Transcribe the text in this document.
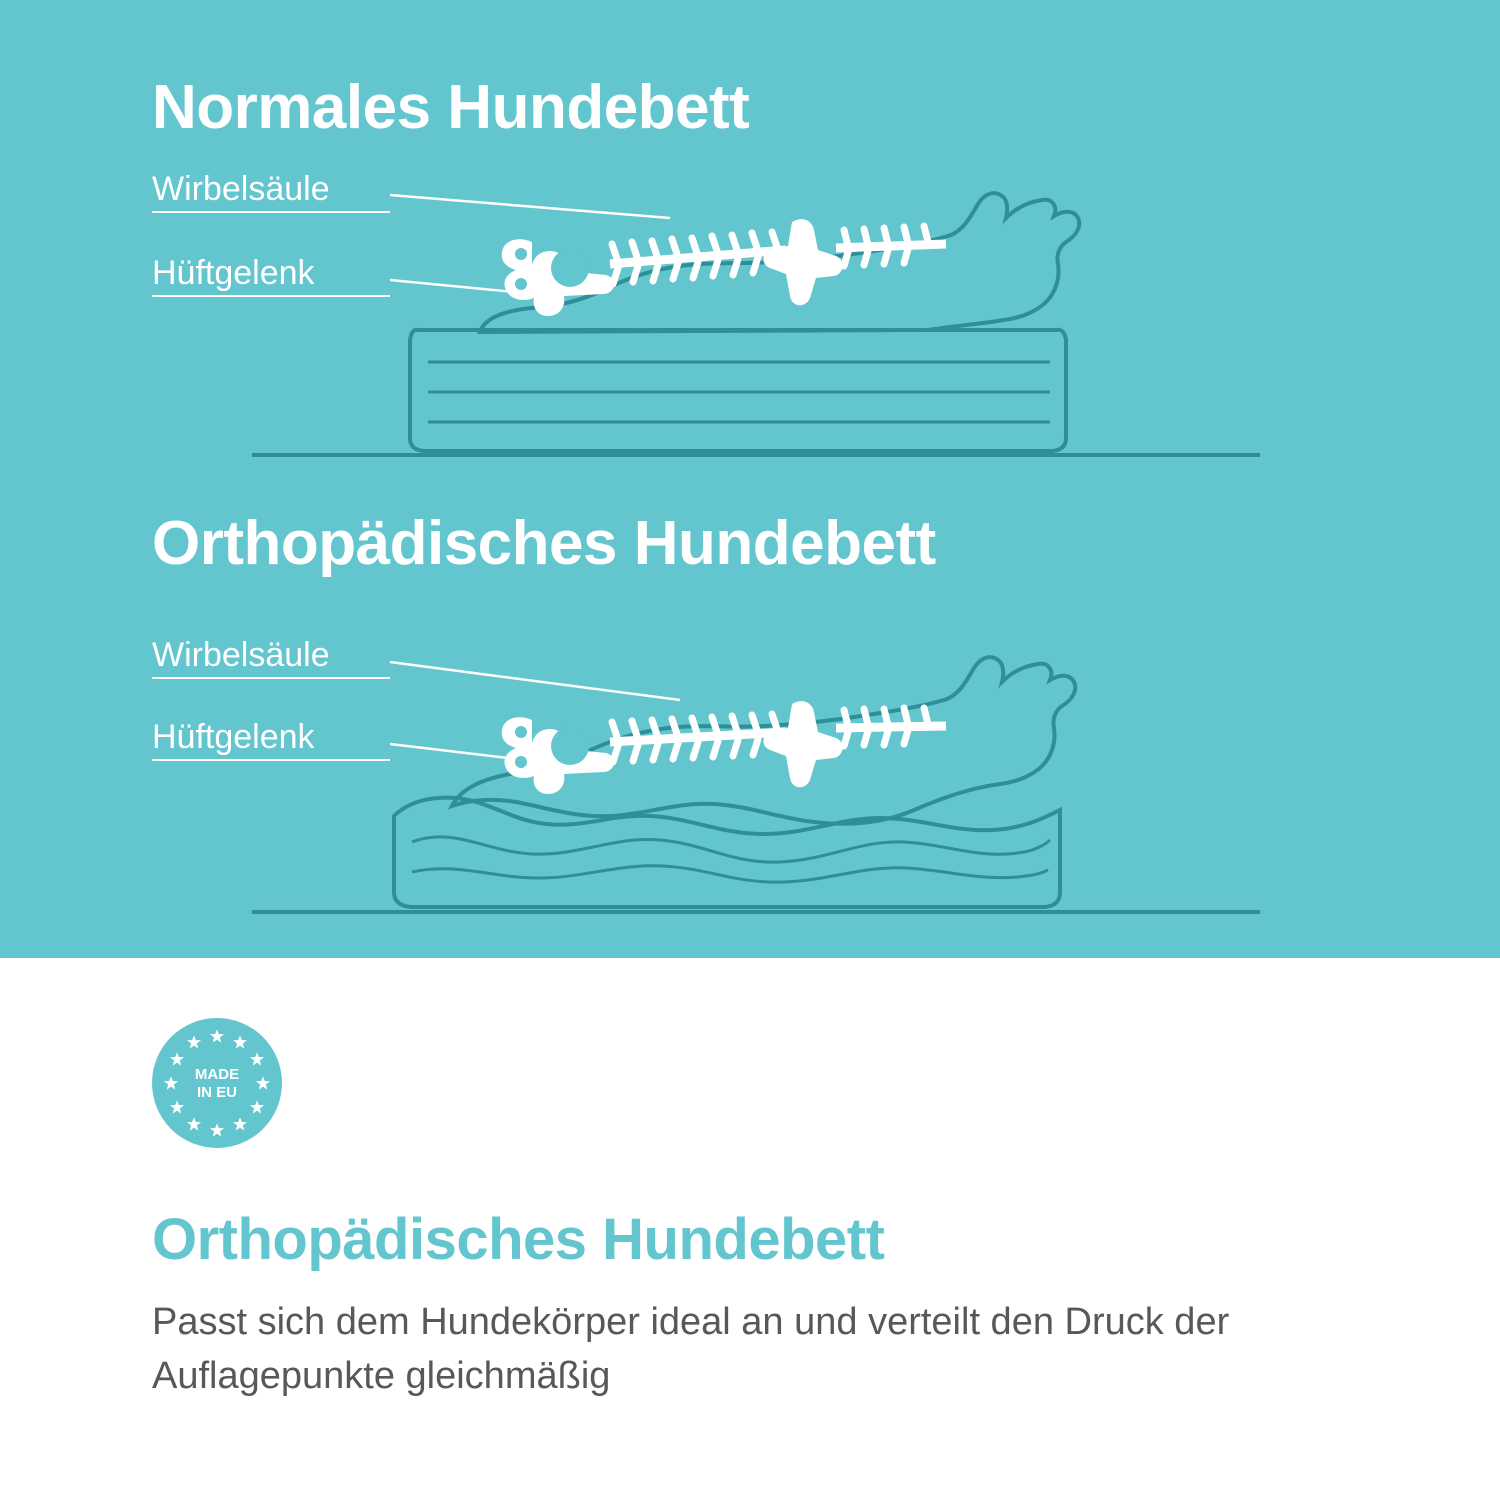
Normales Hundebett
Wirbelsäule
Hüftgelenk
Orthopädisches Hundebett
Wirbelsäule
Hüftgelenk
MADE
IN EU
Orthopädisches Hundebett
Passt sich dem Hundekörper ideal an und verteilt den Druck der Auflagepunkte gleichmäßig
